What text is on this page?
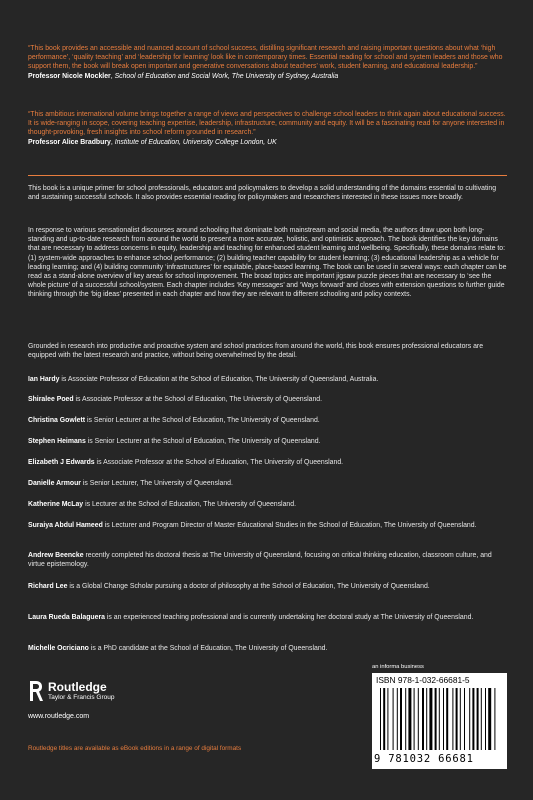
“This book provides an accessible and nuanced account of school success, distilling significant research and raising important questions about what ‘high performance’, ‘quality teaching’ and ‘leadership for learning’ look like in contemporary times. Essential reading for school and system leaders and those who support them, the book will break open important and generative conversations about teachers’ work, student learning, and educational leadership.”
Professor Nicole Mockler, School of Education and Social Work, The University of Sydney, Australia
“This ambitious international volume brings together a range of views and perspectives to challenge school leaders to think again about educational success. It is wide-ranging in scope, covering teaching expertise, leadership, infrastructure, community and equity. It will be a fascinating read for anyone interested in thought-provoking, fresh insights into school reform grounded in research.”
Professor Alice Bradbury, Institute of Education, University College London, UK
This book is a unique primer for school professionals, educators and policymakers to develop a solid understanding of the domains essential to cultivating and sustaining successful schools. It also provides essential reading for policymakers and researchers interested in these issues more broadly.
In response to various sensationalist discourses around schooling that dominate both mainstream and social media, the authors draw upon both long-standing and up-to-date research from around the world to present a more accurate, holistic, and optimistic approach. The book identifies the key domains that are necessary to address concerns in equity, leadership and teaching for enhanced student learning and wellbeing. Specifically, these domains relate to: (1) system-wide approaches to enhance school performance; (2) building teacher capability for student learning; (3) educational leadership as a vehicle for leading learning; and (4) building community ‘infrastructures’ for equitable, place-based learning. The book can be used in several ways: each chapter can be read as a stand-alone overview of key areas for school improvement. The broad topics are important jigsaw puzzle pieces that are necessary to ‘see the whole picture’ of a successful school/system. Each chapter includes ‘Key messages’ and ‘Ways forward’ and closes with extension questions to further guide thinking through the ‘big ideas’ presented in each chapter and how they are relevant to different schooling and policy contexts.
Grounded in research into productive and proactive system and school practices from around the world, this book ensures professional educators are equipped with the latest research and practice, without being overwhelmed by the detail.
Ian Hardy is Associate Professor of Education at the School of Education, The University of Queensland, Australia.
Shiralee Poed is Associate Professor at the School of Education, The University of Queensland.
Christina Gowlett is Senior Lecturer at the School of Education, The University of Queensland.
Stephen Heimans is Senior Lecturer at the School of Education, The University of Queensland.
Elizabeth J Edwards is Associate Professor at the School of Education, The University of Queensland.
Danielle Armour is Senior Lecturer, The University of Queensland.
Katherine McLay is Lecturer at the School of Education, The University of Queensland.
Suraiya Abdul Hameed is Lecturer and Program Director of Master Educational Studies in the School of Education, The University of Queensland.
Andrew Beencke recently completed his doctoral thesis at The University of Queensland, focusing on critical thinking education, classroom culture, and virtue epistemology.
Richard Lee is a Global Change Scholar pursuing a doctor of philosophy at the School of Education, The University of Queensland.
Laura Rueda Balaguera is an experienced teaching professional and is currently undertaking her doctoral study at The University of Queensland.
Michelle Ocriciano is a PhD candidate at the School of Education, The University of Queensland.
Routledge
Taylor & Francis Group
www.routledge.com
Routledge titles are available as eBook editions in a range of digital formats
an informa business
ISBN 978-1-032-66681-5
9 781032 66681
